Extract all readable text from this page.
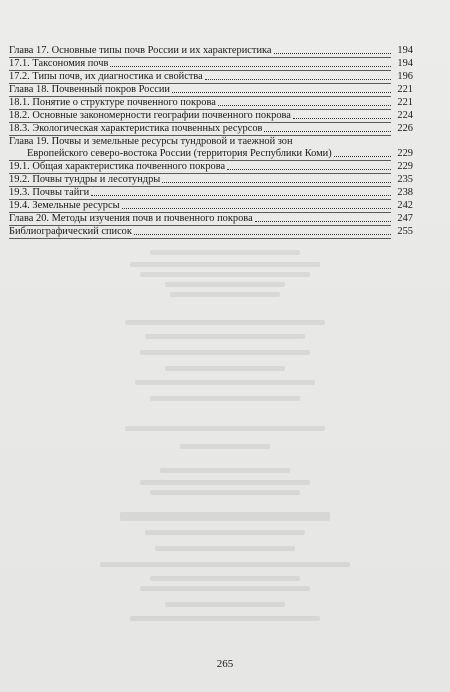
Глава 17. Основные типы почв России и их характеристика	194
17.1. Таксономия почв	194
17.2. Типы почв, их диагностика и свойства	196
Глава 18. Почвенный покров России	221
18.1. Понятие о структуре почвенного покрова	221
18.2. Основные закономерности географии почвенного покрова	224
18.3. Экологическая характеристика почвенных ресурсов	226
Глава 19. Почвы и земельные ресурсы тундровой и таежной зон
Европейского северо-востока России (территория Республики Коми)	229
19.1. Общая характеристика почвенного покрова	229
19.2. Почвы тундры и лесотундры	235
19.3. Почвы тайги	238
19.4. Земельные ресурсы	242
Глава 20. Методы изучения почв и почвенного покрова	247
Библиографический список	255
265
